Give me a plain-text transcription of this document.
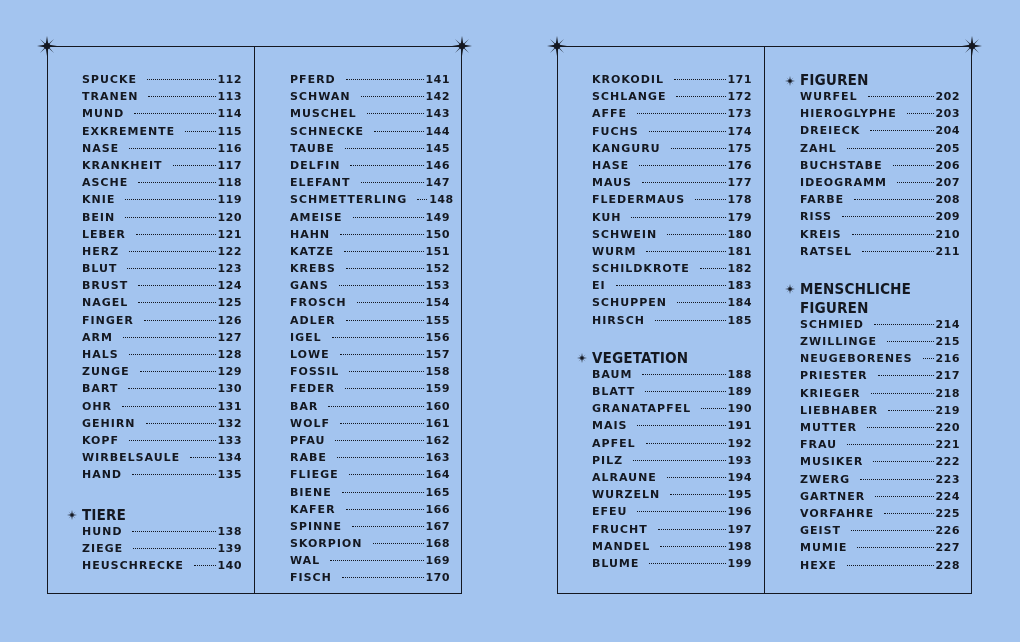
SPUCKE	112
TRANEN	113
MUND	114
EXKREMENTE	115
NASE	116
KRANKHEIT	117
ASCHE	118
KNIE	119
BEIN	120
LEBER	121
HERZ	122
BLUT	123
BRUST	124
NAGEL	125
FINGER	126
ARM	127
HALS	128
ZUNGE	129
BART	130
OHR	131
GEHIRN	132
KOPF	133
WIRBELSAULE	134
HAND	135
TIERE
HUND	138
ZIEGE	139
HEUSCHRECKE	140
PFERD	141
SCHWAN	142
MUSCHEL	143
SCHNECKE	144
TAUBE	145
DELFIN	146
ELEFANT	147
SCHMETTERLING 148
AMEISE	149
HAHN	150
KATZE	151
KREBS	152
GANS	153
FROSCH	154
ADLER	155
IGEL	156
LOWE	157
FOSSIL	158
FEDER	159
BAR	160
WOLF	161
PFAU	162
RABE	163
FLIEGE	164
BIENE	165
KAFER	166
SPINNE	167
SKORPION	168
WAL	169
FISCH	170
KROKODIL	171
SCHLANGE	172
AFFE	173
FUCHS	174
KANGURU	175
HASE	176
MAUS	177
FLEDERMAUS	178
KUH	179
SCHWEIN	180
WURM	181
SCHILDKROTE	182
EI	183
SCHUPPEN	184
HIRSCH	185
VEGETATION
BAUM	188
BLATT	189
GRANATAPFEL	190
MAIS	191
APFEL	192
PILZ	193
ALRAUNE	194
WURZELN	195
EFEU	196
FRUCHT	197
MANDEL	198
BLUME	199
FIGUREN
WURFEL	202
HIEROGLYPHE	203
DREIECK	204
ZAHL	205
BUCHSTABE	206
IDEOGRAMM	207
FARBE	208
RISS	209
KREIS	210
RATSEL	211
MENSCHLICHE
FIGUREN
SCHMIED	214
ZWILLINGE	215
NEUGEBORENES 216
PRIESTER	217
KRIEGER	218
LIEBHABER	219
MUTTER	220
FRAU	221
MUSIKER	222
ZWERG	223
GARTNER	224
VORFAHRE	225
GEIST	226
MUMIE	227
HEXE	228
